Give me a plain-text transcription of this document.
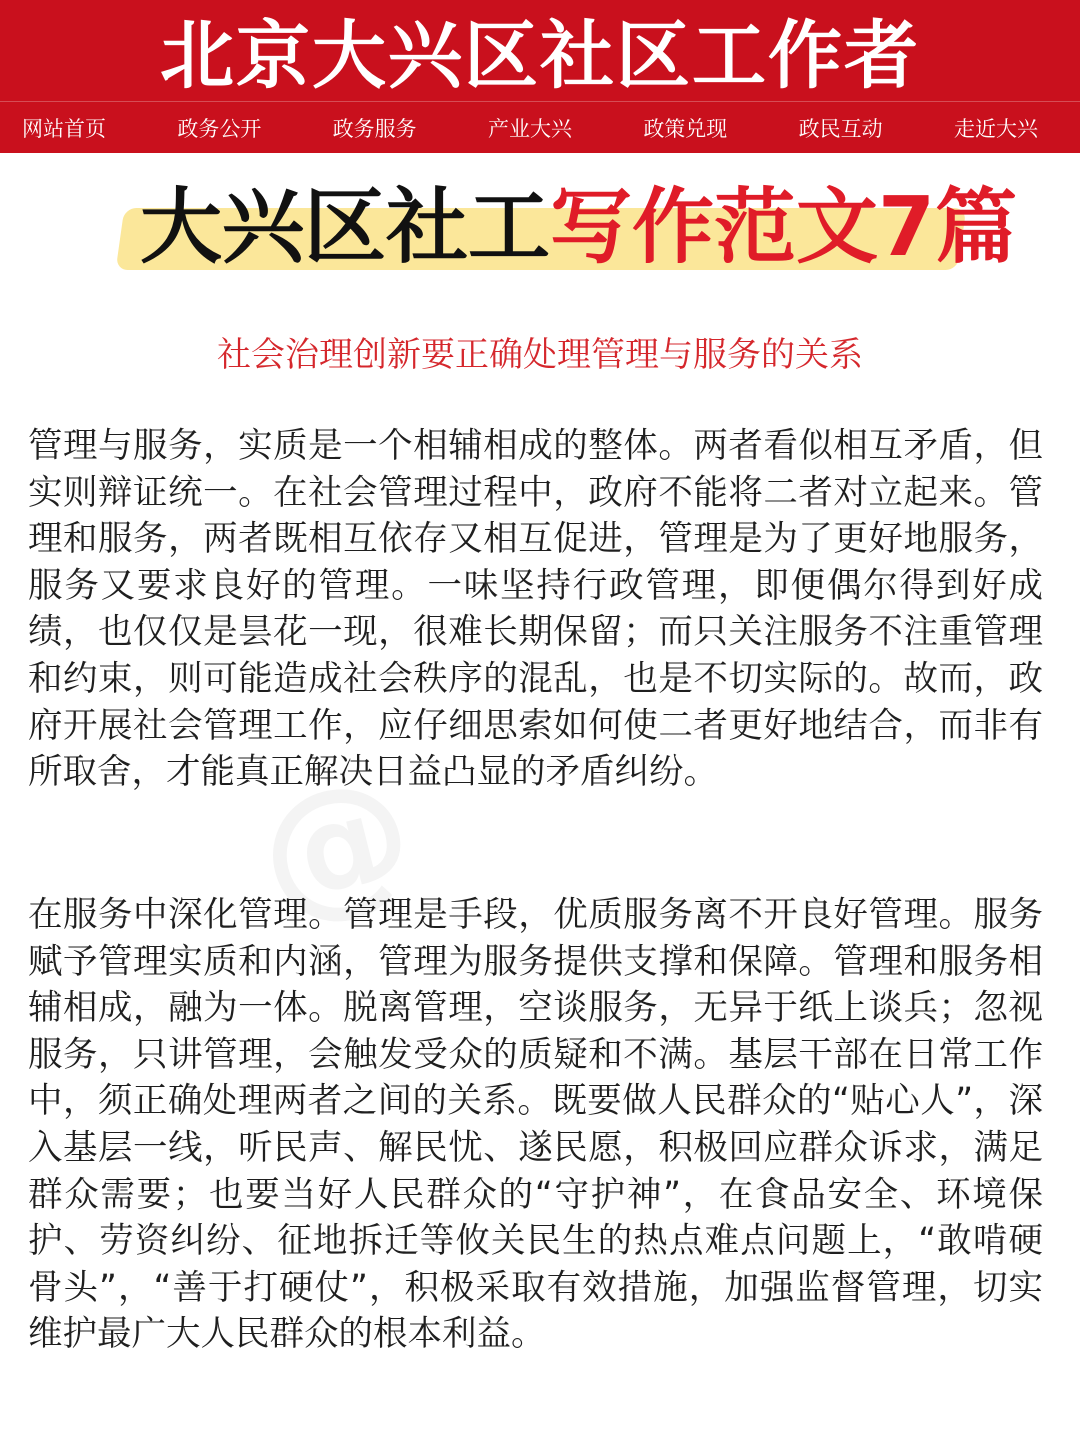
北京大兴区社区工作者
网站首页	政务公开	政务服务	产业大兴	政策兑现	政民互动	走近大兴
大兴区社工写作范文7篇
社会治理创新要正确处理管理与服务的关系

管理与服务，实质是一个相辅相成的整体。两者看似相互矛盾，但实则辩证统一。在社会管理过程中，政府不能将二者对立起来。管理和服务，两者既相互依存又相互促进，管理是为了更好地服务，服务又要求良好的管理。一味坚持行政管理，即便偶尔得到好成绩，也仅仅是昙花一现，很难长期保留；而只关注服务不注重管理和约束，则可能造成社会秩序的混乱，也是不切实际的。故而，政府开展社会管理工作，应仔细思索如何使二者更好地结合，而非有所取舍，才能真正解决日益凸显的矛盾纠纷。

在服务中深化管理。管理是手段，优质服务离不开良好管理。服务赋予管理实质和内涵，管理为服务提供支撑和保障。管理和服务相辅相成，融为一体。脱离管理，空谈服务，无异于纸上谈兵；忽视服务，只讲管理，会触发受众的质疑和不满。基层干部在日常工作中，须正确处理两者之间的关系。既要做人民群众的“贴心人”，深入基层一线，听民声、解民忧、遂民愿，积极回应群众诉求，满足群众需要；也要当好人民群众的“守护神”，在食品安全、环境保护、劳资纠纷、征地拆迁等攸关民生的热点难点问题上，“敢啃硬骨头”，“善于打硬仗”，积极采取有效措施，加强监督管理，切实维护最广大人民群众的根本利益。
